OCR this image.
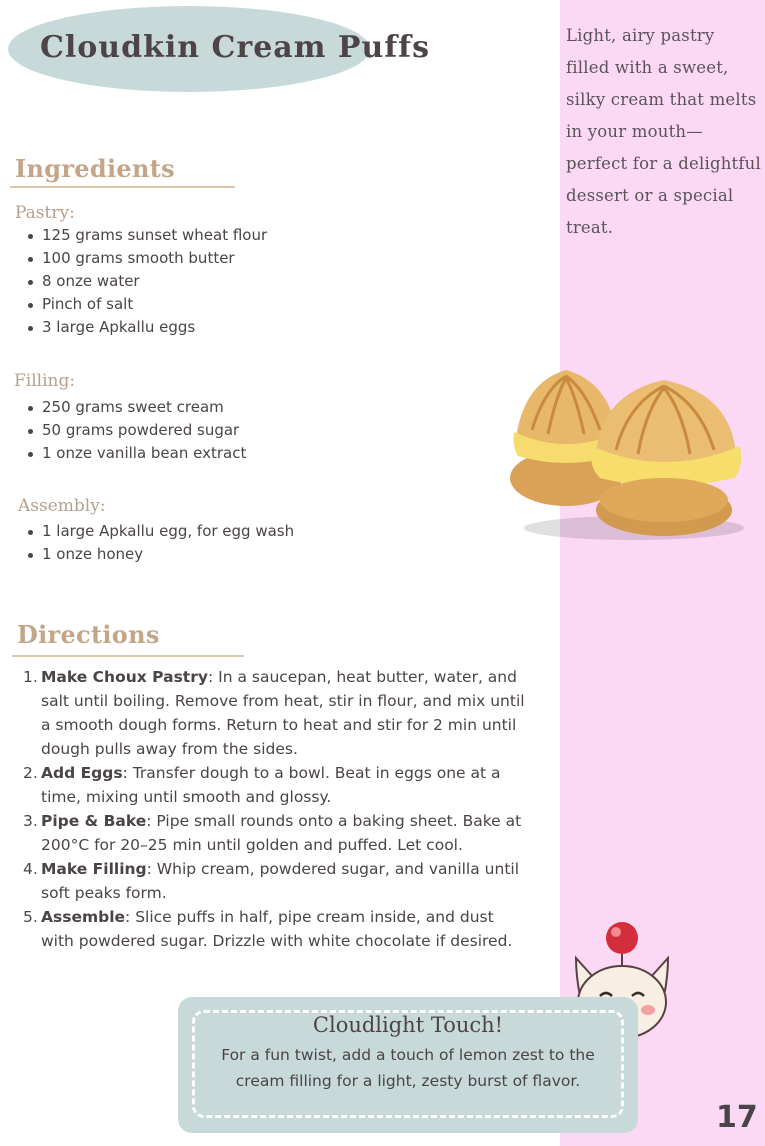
Light, airy pastry filled with a sweet, silky cream that melts in your mouth—perfect for a delightful dessert or a special treat.

Cloudkin Cream Puffs
Ingredients
Pastry:
125 grams sunset wheat flour
100 grams smooth butter
8 onze water
Pinch of salt
3 large Apkallu eggs
Filling:
250 grams sweet cream
50 grams powdered sugar
1 onze vanilla bean extract
Assembly:
1 large Apkallu egg, for egg wash
1 onze honey
Directions
1. Make Choux Pastry: In a saucepan, heat butter, water, and salt until boiling. Remove from heat, stir in flour, and mix until a smooth dough forms. Return to heat and stir for 2 min until dough pulls away from the sides.
2. Add Eggs: Transfer dough to a bowl. Beat in eggs one at a time, mixing until smooth and glossy.
3. Pipe & Bake: Pipe small rounds onto a baking sheet. Bake at 200°C for 20–25 min until golden and puffed. Let cool.
4. Make Filling: Whip cream, powdered sugar, and vanilla until soft peaks form.
5. Assemble: Slice puffs in half, pipe cream inside, and dust with powdered sugar. Drizzle with white chocolate if desired.
Cloudlight Touch!

For a fun twist, add a touch of lemon zest to the cream filling for a light, zesty burst of flavor.

17
